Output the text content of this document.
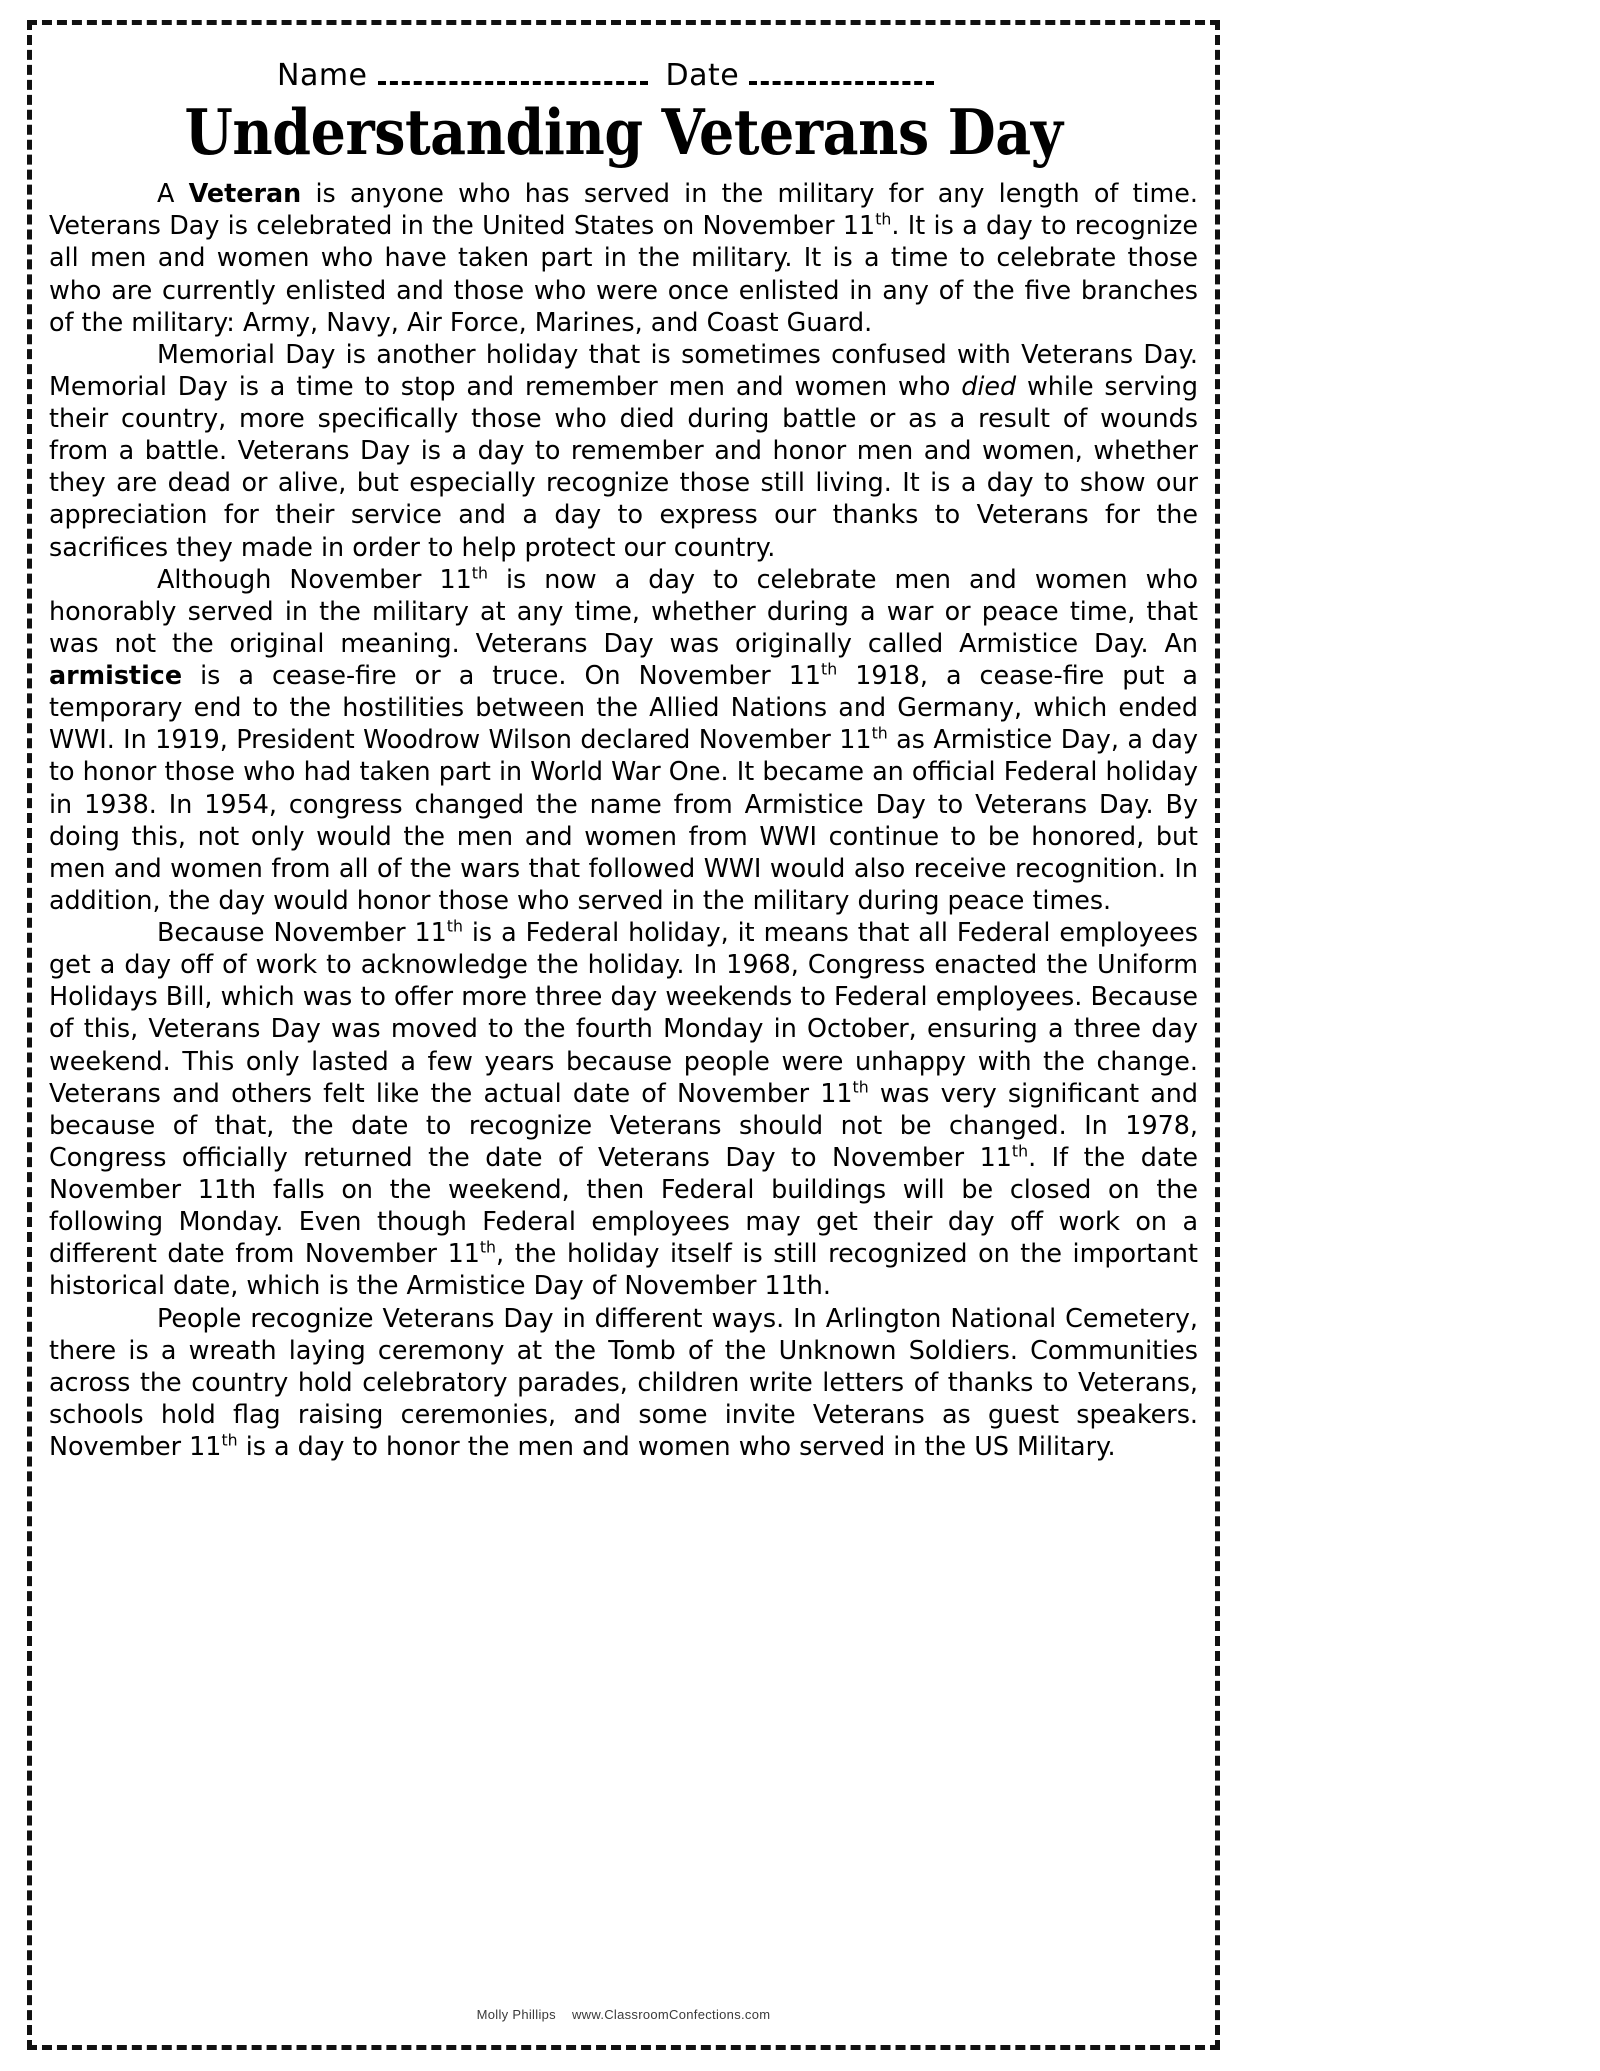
Name	Date
Understanding Veterans Day

A Veteran is anyone who has served in the military for any length of time. Veterans Day is celebrated in the United States on November 11th. It is a day to recognize all men and women who have taken part in the military. It is a time to celebrate those who are currently enlisted and those who were once enlisted in any of the five branches of the military: Army, Navy, Air Force, Marines, and Coast Guard.

Memorial Day is another holiday that is sometimes confused with Veterans Day. Memorial Day is a time to stop and remember men and women who died while serving their country, more specifically those who died during battle or as a result of wounds from a battle. Veterans Day is a day to remember and honor men and women, whether they are dead or alive, but especially recognize those still living. It is a day to show our appreciation for their service and a day to express our thanks to Veterans for the sacrifices they made in order to help protect our country.

Although November 11th is now a day to celebrate men and women who honorably served in the military at any time, whether during a war or peace time, that was not the original meaning. Veterans Day was originally called Armistice Day. An armistice is a cease-fire or a truce. On November 11th 1918, a cease-fire put a temporary end to the hostilities between the Allied Nations and Germany, which ended WWI. In 1919, President Woodrow Wilson declared November 11th as Armistice Day, a day to honor those who had taken part in World War One. It became an official Federal holiday in 1938. In 1954, congress changed the name from Armistice Day to Veterans Day. By doing this, not only would the men and women from WWI continue to be honored, but men and women from all of the wars that followed WWI would also receive recognition. In addition, the day would honor those who served in the military during peace times.

Because November 11th is a Federal holiday, it means that all Federal employees get a day off of work to acknowledge the holiday. In 1968, Congress enacted the Uniform Holidays Bill, which was to offer more three day weekends to Federal employees. Because of this, Veterans Day was moved to the fourth Monday in October, ensuring a three day weekend. This only lasted a few years because people were unhappy with the change. Veterans and others felt like the actual date of November 11th was very significant and because of that, the date to recognize Veterans should not be changed. In 1978, Congress officially returned the date of Veterans Day to November 11th. If the date November 11th falls on the weekend, then Federal buildings will be closed on the following Monday. Even though Federal employees may get their day off work on a different date from November 11th, the holiday itself is still recognized on the important historical date, which is the Armistice Day of November 11th.

People recognize Veterans Day in different ways. In Arlington National Cemetery, there is a wreath laying ceremony at the Tomb of the Unknown Soldiers. Communities across the country hold celebratory parades, children write letters of thanks to Veterans, schools hold flag raising ceremonies, and some invite Veterans as guest speakers. November 11th is a day to honor the men and women who served in the US Military.

Molly Phillips www.ClassroomConfections.com
